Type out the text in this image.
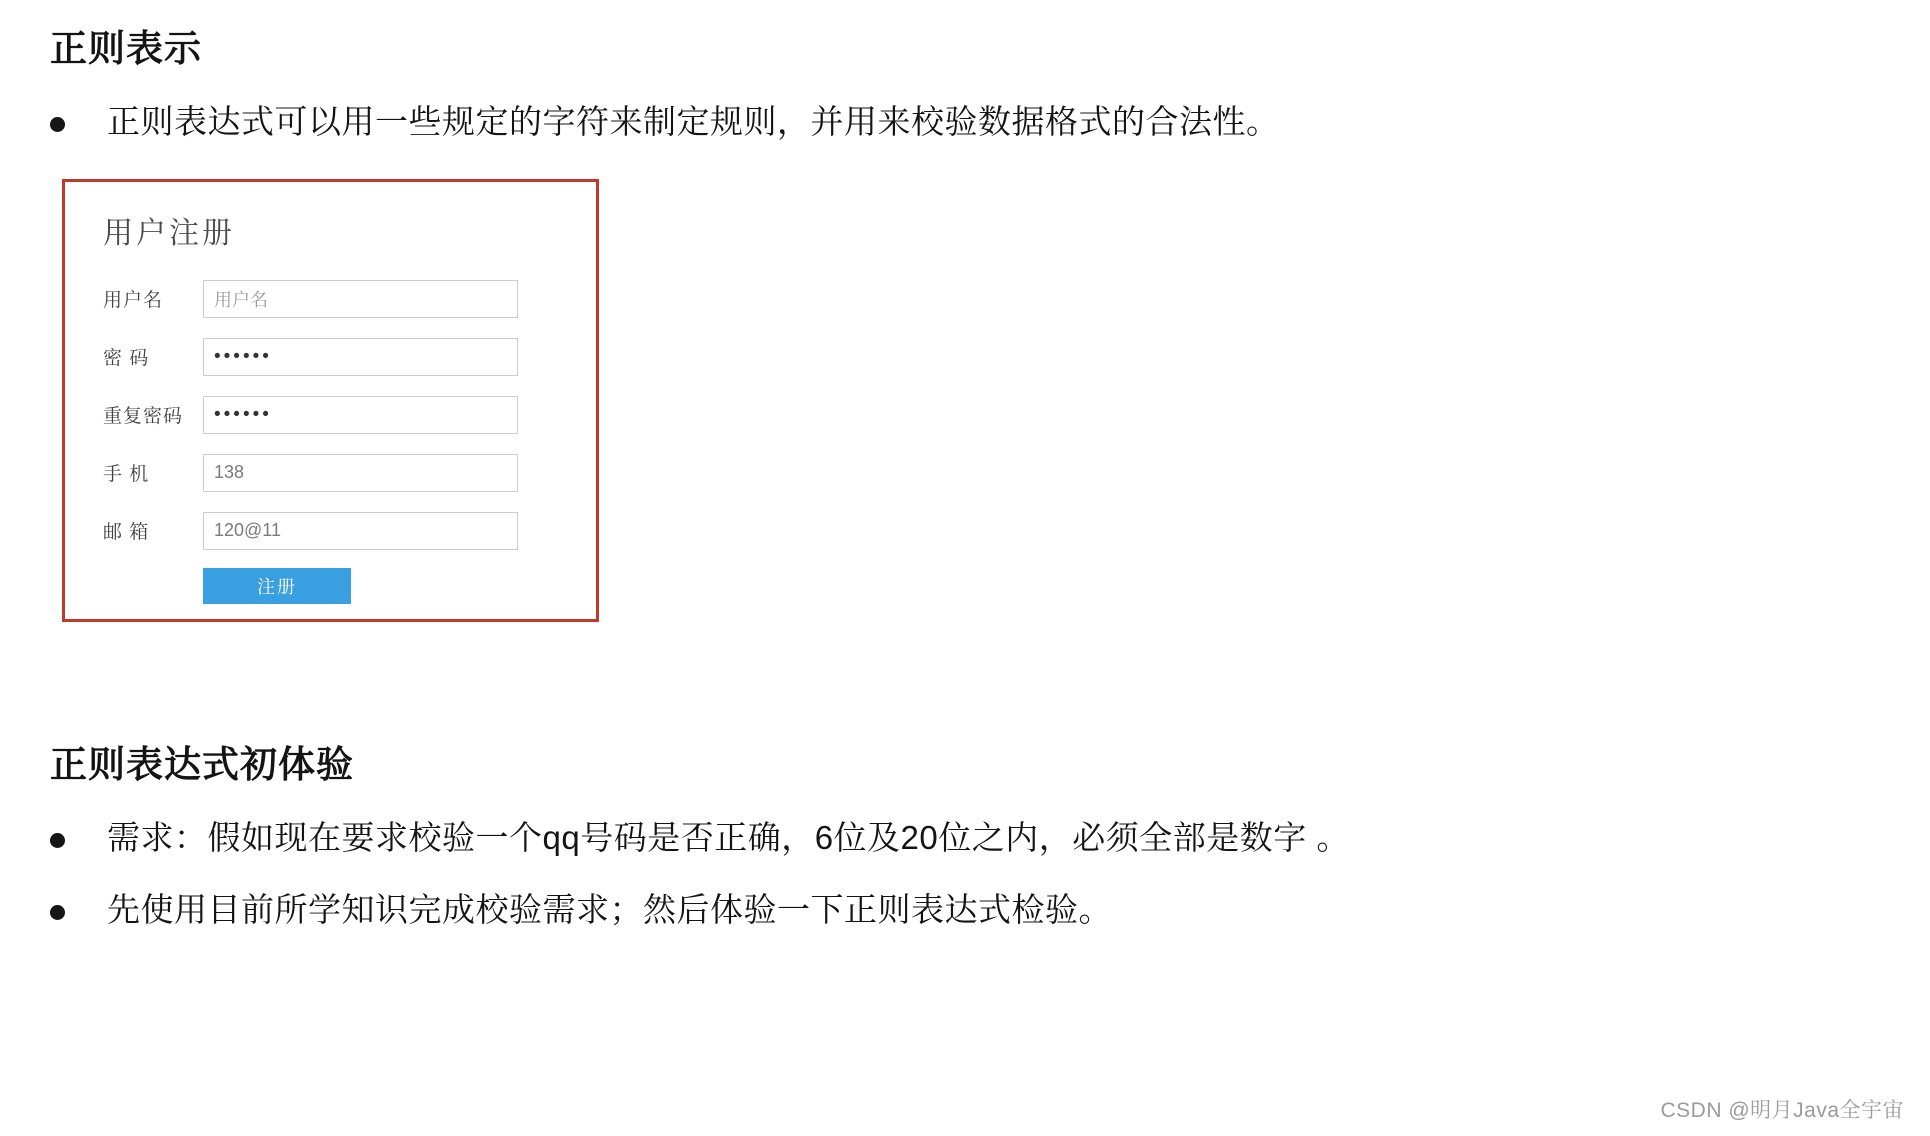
正则表示
正则表达式可以用一些规定的字符来制定规则，并用来校验数据格式的合法性。
用户注册
用户名	用户名
密 码	••••••
重复密码	••••••
手 机	138
邮 箱	120@11
注册
正则表达式初体验
需求：假如现在要求校验一个qq号码是否正确，6位及20位之内，必须全部是数字 。
先使用目前所学知识完成校验需求；然后体验一下正则表达式检验。
CSDN @明月Java全宇宙
